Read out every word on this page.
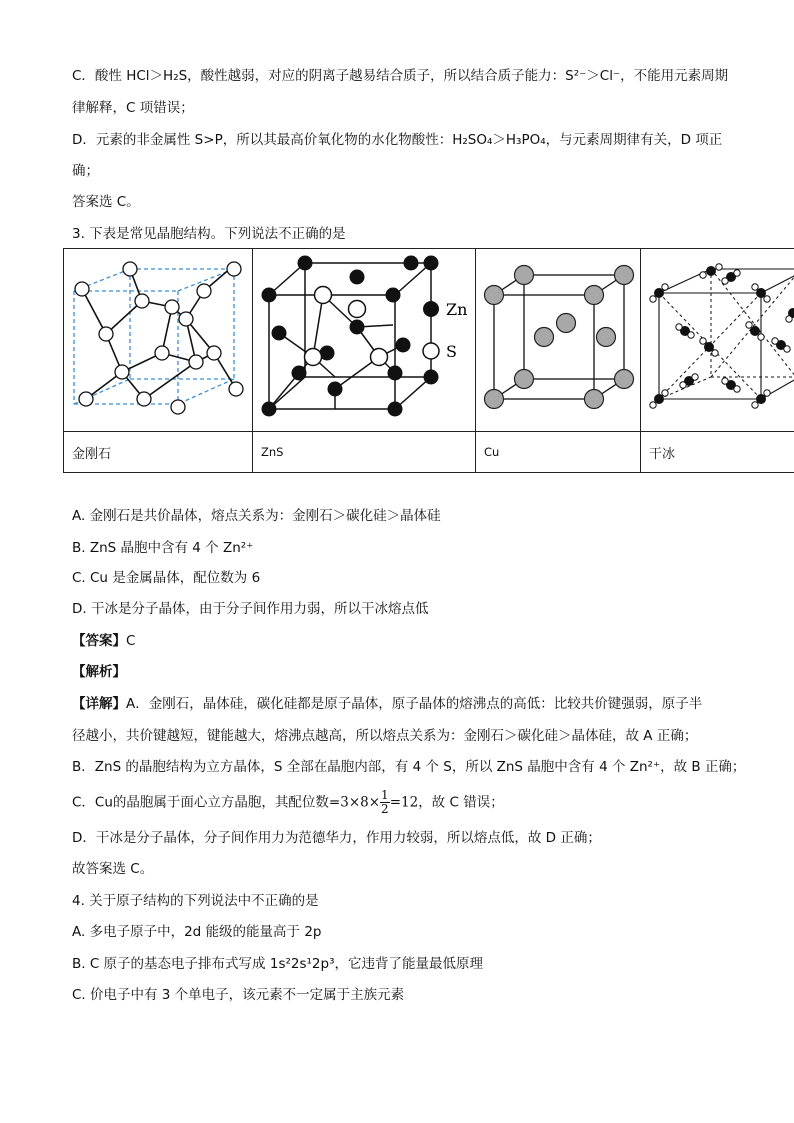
C．酸性 HCl＞H₂S，酸性越弱，对应的阴离子越易结合质子，所以结合质子能力：S²⁻＞Cl⁻，不能用元素周期
律解释，C 项错误；
D．元素的非金属性 S>P，所以其最高价氧化物的水化物酸性：H₂SO₄＞H₃PO₄，与元素周期律有关，D 项正
确；
答案选 C。
3. 下表是常见晶胞结构。下列说法不正确的是

Zn
S

金刚石	ZnS	Cu	干冰
A. 金刚石是共价晶体，熔点关系为：金刚石＞碳化硅＞晶体硅
B. ZnS 晶胞中含有 4 个 Zn²⁺
C. Cu 是金属晶体，配位数为 6
D. 干冰是分子晶体，由于分子间作用力弱，所以干冰熔点低
【答案】C
【解析】
【详解】A．金刚石，晶体硅，碳化硅都是原子晶体，原子晶体的熔沸点的高低：比较共价键强弱，原子半
径越小，共价键越短，键能越大，熔沸点越高，所以熔点关系为：金刚石＞碳化硅＞晶体硅，故 A 正确；
B．ZnS 的晶胞结构为立方晶体，S 全部在晶胞内部，有 4 个 S，所以 ZnS 晶胞中含有 4 个 Zn²⁺，故 B 正确；
C．Cu的晶胞属于面心立方晶胞，其配位数$=3\times 8\times \frac{1}{2} =12$，故 C 错误；
D．干冰是分子晶体，分子间作用力为范德华力，作用力较弱，所以熔点低，故 D 正确；
故答案选 C。
4. 关于原子结构的下列说法中不正确的是
A. 多电子原子中，2d 能级的能量高于 2p
B. C 原子的基态电子排布式写成 1s²2s¹2p³，它违背了能量最低原理
C. 价电子中有 3 个单电子，该元素不一定属于主族元素
